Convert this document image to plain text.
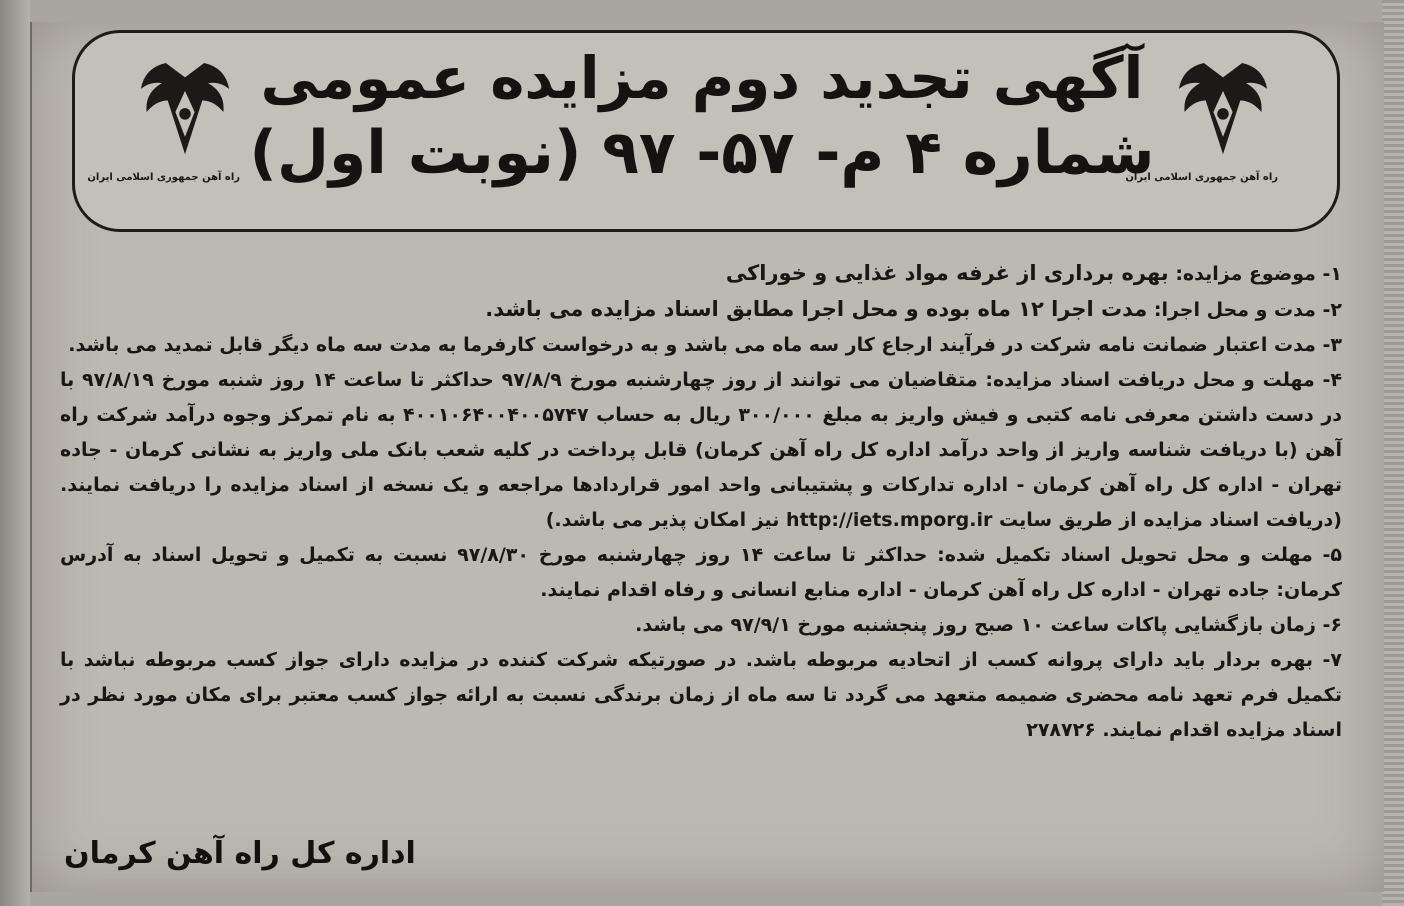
آگهی تجدید دوم مزایده عمومی
شماره ۴ م- ۵۷- ۹۷ (نوبت اول)
راه آهن جمهوری اسلامی ایران
راه آهن جمهوری اسلامی ایران
۱- موضوع مزایده: بهره برداری از غرفه مواد غذایی و خوراکی
۲- مدت و محل اجرا: مدت اجرا ۱۲ ماه بوده و محل اجرا مطابق اسناد مزایده می باشد.
۳- مدت اعتبار ضمانت نامه شرکت در فرآیند ارجاع کار سه ماه می باشد و به درخواست کارفرما به مدت سه ماه دیگر قابل تمدید می باشد.
۴- مهلت و محل دریافت اسناد مزایده: متقاضیان می توانند از روز چهارشنبه مورخ ۹۷/۸/۹ حداکثر تا ساعت ۱۴ روز شنبه مورخ ۹۷/۸/۱۹ با در دست داشتن معرفی نامه کتبی و فیش واریز به مبلغ ۳۰۰/۰۰۰ ریال به حساب ۴۰۰۱۰۶۴۰۰۴۰۰۵۷۴۷ به نام تمرکز وجوه درآمد شرکت راه آهن (با دریافت شناسه واریز از واحد درآمد اداره کل راه آهن کرمان) قابل پرداخت در کلیه شعب بانک ملی واریز به نشانی کرمان - جاده تهران - اداره کل راه آهن کرمان - اداره تدارکات و پشتیبانی واحد امور قراردادها مراجعه و یک نسخه از اسناد مزایده را دریافت نمایند. (دریافت اسناد مزایده از طریق سایت http://iets.mporg.ir نیز امکان پذیر می باشد.)
۵- مهلت و محل تحویل اسناد تکمیل شده: حداکثر تا ساعت ۱۴ روز چهارشنبه مورخ ۹۷/۸/۳۰ نسبت به تکمیل و تحویل اسناد به آدرس کرمان: جاده تهران - اداره کل راه آهن کرمان - اداره منابع انسانی و رفاه اقدام نمایند.
۶- زمان بازگشایی پاکات ساعت ۱۰ صبح روز پنجشنبه مورخ ۹۷/۹/۱ می باشد.
۷- بهره بردار باید دارای پروانه کسب از اتحادیه مربوطه باشد. در صورتیکه شرکت کننده در مزایده دارای جواز کسب مربوطه نباشد با تکمیل فرم تعهد نامه محضری ضمیمه متعهد می گردد تا سه ماه از زمان برندگی نسبت به ارائه جواز کسب معتبر برای مکان مورد نظر در اسناد مزایده اقدام نمایند. ۲۷۸۷۲۶
اداره کل راه آهن کرمان
